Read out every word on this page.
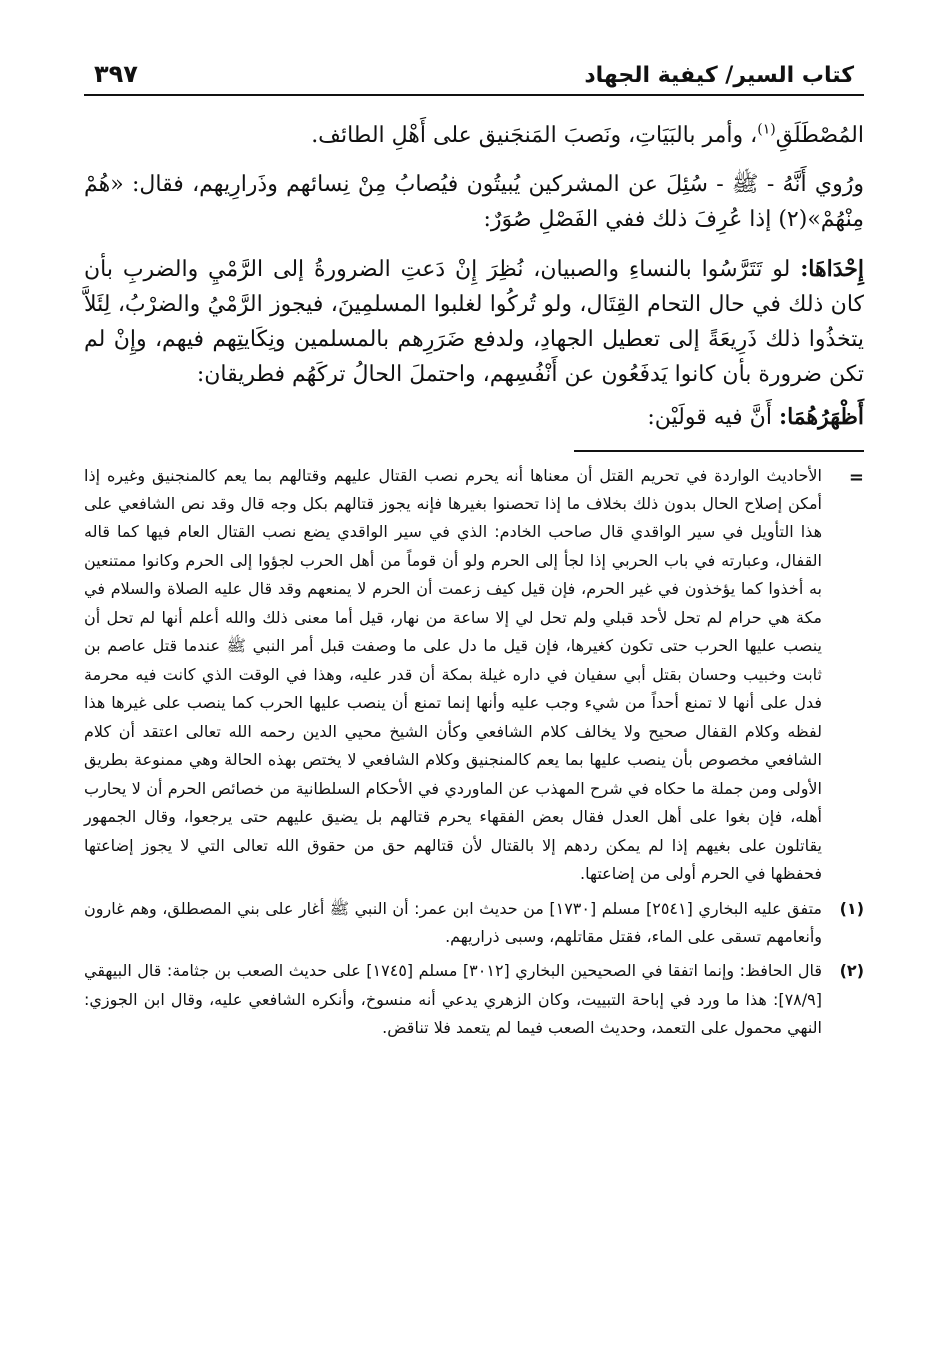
كتاب السير/ كيفية الجهاد
٣٩٧

المُصْطَلَقِ$^{(١)}$، وأمر بالبَيَاتِ، ونَصبَ المَنجَنيق على أَهْلِ الطائف.

ورُوي أَنَّهُ - ﷺ - سُئِلَ عن المشركين يُبيتُون فيُصابُ مِنْ نِسائهم وذَرارِيهم، فقال: «هُمْ مِنْهُمْ»(٢) إذا عُرِفَ ذلك ففي الفَصْلِ صُوَرٌ:

إِحْدَاهَا: لو تَتَرَّسُوا بالنساءِ والصبيان، نُظِرَ إِنْ دَعتِ الضرورةُ إلى الرَّمْيِ والضربِ بأن كان ذلك في حال التحام القِتَال، ولو تُركُوا لغلبوا المسلمِينَ، فيجوز الرَّمْيُ والضرْبُ، لِئَلاَّ يتخذُوا ذلك ذَرِيعَةً إلى تعطيل الجهادِ، ولدفع ضَرَرِهم بالمسلمين ونِكَايتِهم فيهم، وإِنْ لم تكن ضرورة بأن كانوا يَدفَعُون عن أَنْفُسِهم، واحتملَ الحالُ تركَهُم فطريقان:

أَظْهَرُهُمَا: أَنَّ فيه قولَيْن:

=
الأحاديث الواردة في تحريم القتل أن معناها أنه يحرم نصب القتال عليهم وقتالهم بما يعم كالمنجنيق وغيره إذا أمكن إصلاح الحال بدون ذلك بخلاف ما إذا تحصنوا بغيرها فإنه يجوز قتالهم بكل وجه قال وقد نص الشافعي على هذا التأويل في سير الواقدي قال صاحب الخادم: الذي في سير الواقدي يضع نصب القتال العام فيها كما قاله القفال، وعبارته في باب الحربي إذا لجأ إلى الحرم ولو أن قوماً من أهل الحرب لجؤوا إلى الحرم وكانوا ممتنعين به أخذوا كما يؤخذون في غير الحرم، فإن قيل كيف زعمت أن الحرم لا يمنعهم وقد قال عليه الصلاة والسلام في مكة هي حرام لم تحل لأحد قبلي ولم تحل لي إلا ساعة من نهار، قيل أما معنى ذلك والله أعلم أنها لم تحل أن ينصب عليها الحرب حتى تكون كغيرها، فإن قيل ما دل على ما وصفت قبل أمر النبي ﷺ عندما قتل عاصم بن ثابت وخبيب وحسان بقتل أبي سفيان في داره غيلة بمكة أن قدر عليه، وهذا في الوقت الذي كانت فيه محرمة فدل على أنها لا تمنع أحداً من شيء وجب عليه وأنها إنما تمنع أن ينصب عليها الحرب كما ينصب على غيرها هذا لفظه وكلام القفال صحيح ولا يخالف كلام الشافعي وكأن الشيخ محيي الدين رحمه الله تعالى اعتقد أن كلام الشافعي مخصوص بأن ينصب عليها بما يعم كالمنجنيق وكلام الشافعي لا يختص بهذه الحالة وهي ممنوعة بطريق الأولى ومن جملة ما حكاه في شرح المهذب عن الماوردي في الأحكام السلطانية من خصائص الحرم أن لا يحارب أهله، فإن بغوا على أهل العدل فقال بعض الفقهاء يحرم قتالهم بل يضيق عليهم حتى يرجعوا، وقال الجمهور يقاتلون على بغيهم إذا لم يمكن ردهم إلا بالقتال لأن قتالهم حق من حقوق الله تعالى التي لا يجوز إضاعتها فحفظها في الحرم أولى من إضاعتها.
(١)
متفق عليه البخاري [٢٥٤١] مسلم [١٧٣٠] من حديث ابن عمر: أن النبي ﷺ أغار على بني المصطلق، وهم غارون وأنعامهم تسقى على الماء، فقتل مقاتلهم، وسبى ذراريهم.
(٢)
قال الحافظ: وإنما اتفقا في الصحيحين البخاري [٣٠١٢] مسلم [١٧٤٥] على حديث الصعب بن جثامة: قال البيهقي [٧٨/٩]: هذا ما ورد في إباحة التبييت، وكان الزهري يدعي أنه منسوخ، وأنكره الشافعي عليه، وقال ابن الجوزي: النهي محمول على التعمد، وحديث الصعب فيما لم يتعمد فلا تناقض.
